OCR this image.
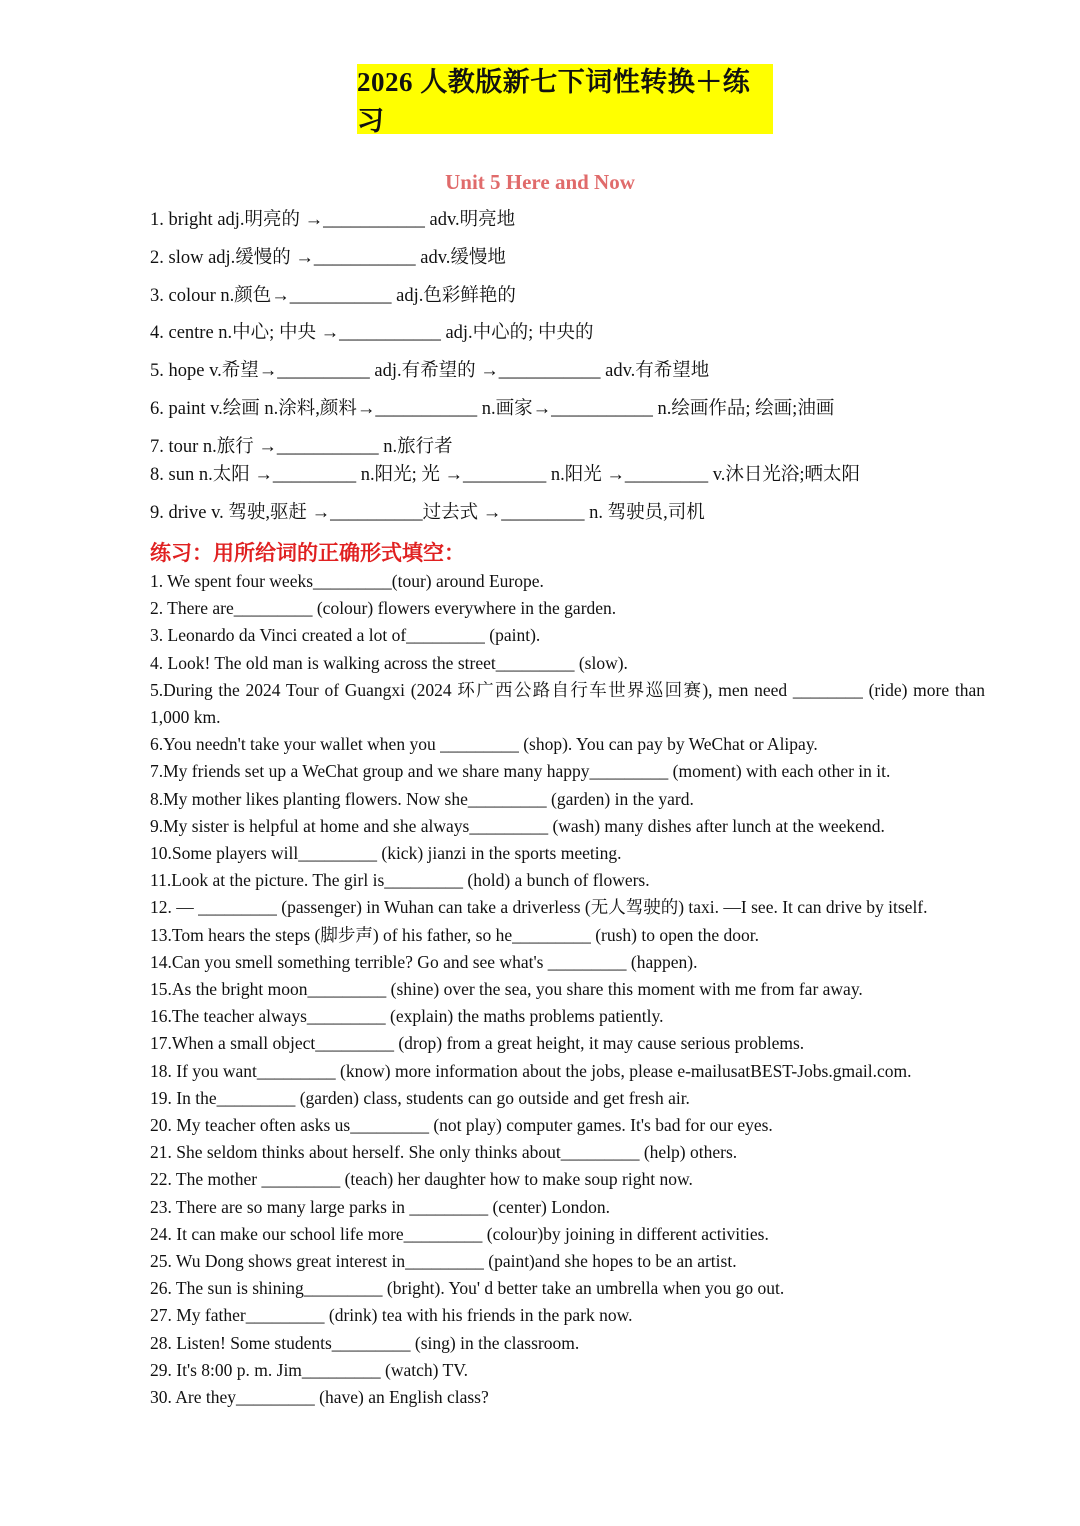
2026 人教版新七下词性转换＋练习
Unit 5 Here and Now
1. bright adj.明亮的 →___________ adv.明亮地
2. slow adj.缓慢的 →___________ adv.缓慢地
3. colour n.颜色→___________ adj.色彩鲜艳的
4. centre n.中心; 中央 →___________ adj.中心的; 中央的
5. hope v.希望→__________ adj.有希望的 →___________ adv.有希望地
6. paint v.绘画 n.涂料,颜料→___________ n.画家→___________ n.绘画作品; 绘画;油画
7. tour n.旅行 →___________ n.旅行者
8. sun n.太阳 →_________ n.阳光; 光 →_________ n.阳光 →_________ v.沐日光浴;晒太阳
9. drive v. 驾驶,驱赶 →__________过去式 →_________ n. 驾驶员,司机
练习：用所给词的正确形式填空：
1. We spent four weeks_________(tour) around Europe.
2. There are_________ (colour) flowers everywhere in the garden.
3. Leonardo da Vinci created a lot of_________ (paint).
4. Look! The old man is walking across the street_________ (slow).
5.During the 2024 Tour of Guangxi (2024 环广西公路自行车世界巡回赛), men need ________ (ride) more than 1,000 km.
6.You needn't take your wallet when you _________ (shop). You can pay by WeChat or Alipay.
7.My friends set up a WeChat group and we share many happy_________ (moment) with each other in it.
8.My mother likes planting flowers. Now she_________ (garden) in the yard.
9.My sister is helpful at home and she always_________ (wash) many dishes after lunch at the weekend.
10.Some players will_________ (kick) jianzi in the sports meeting.
11.Look at the picture. The girl is_________ (hold) a bunch of flowers.
12. — _________ (passenger) in Wuhan can take a driverless (无人驾驶的) taxi. —I see. It can drive by itself.
13.Tom hears the steps (脚步声) of his father, so he_________ (rush) to open the door.
14.Can you smell something terrible? Go and see what's _________ (happen).
15.As the bright moon_________ (shine) over the sea, you share this moment with me from far away.
16.The teacher always_________ (explain) the maths problems patiently.
17.When a small object_________ (drop) from a great height, it may cause serious problems.
18. If you want_________ (know) more information about the jobs, please e-mailusatBEST-Jobs.gmail.com.
19. In the_________ (garden) class, students can go outside and get fresh air.
20. My teacher often asks us_________ (not play) computer games. It's bad for our eyes.
21. She seldom thinks about herself. She only thinks about_________ (help) others.
22. The mother _________ (teach) her daughter how to make soup right now.
23. There are so many large parks in _________ (center) London.
24. It can make our school life more_________ (colour)by joining in different activities.
25. Wu Dong shows great interest in_________ (paint)and she hopes to be an artist.
26. The sun is shining_________ (bright). You' d better take an umbrella when you go out.
27. My father_________ (drink) tea with his friends in the park now.
28. Listen! Some students_________ (sing) in the classroom.
29. It's 8:00 p. m. Jim_________ (watch) TV.
30. Are they_________ (have) an English class?
